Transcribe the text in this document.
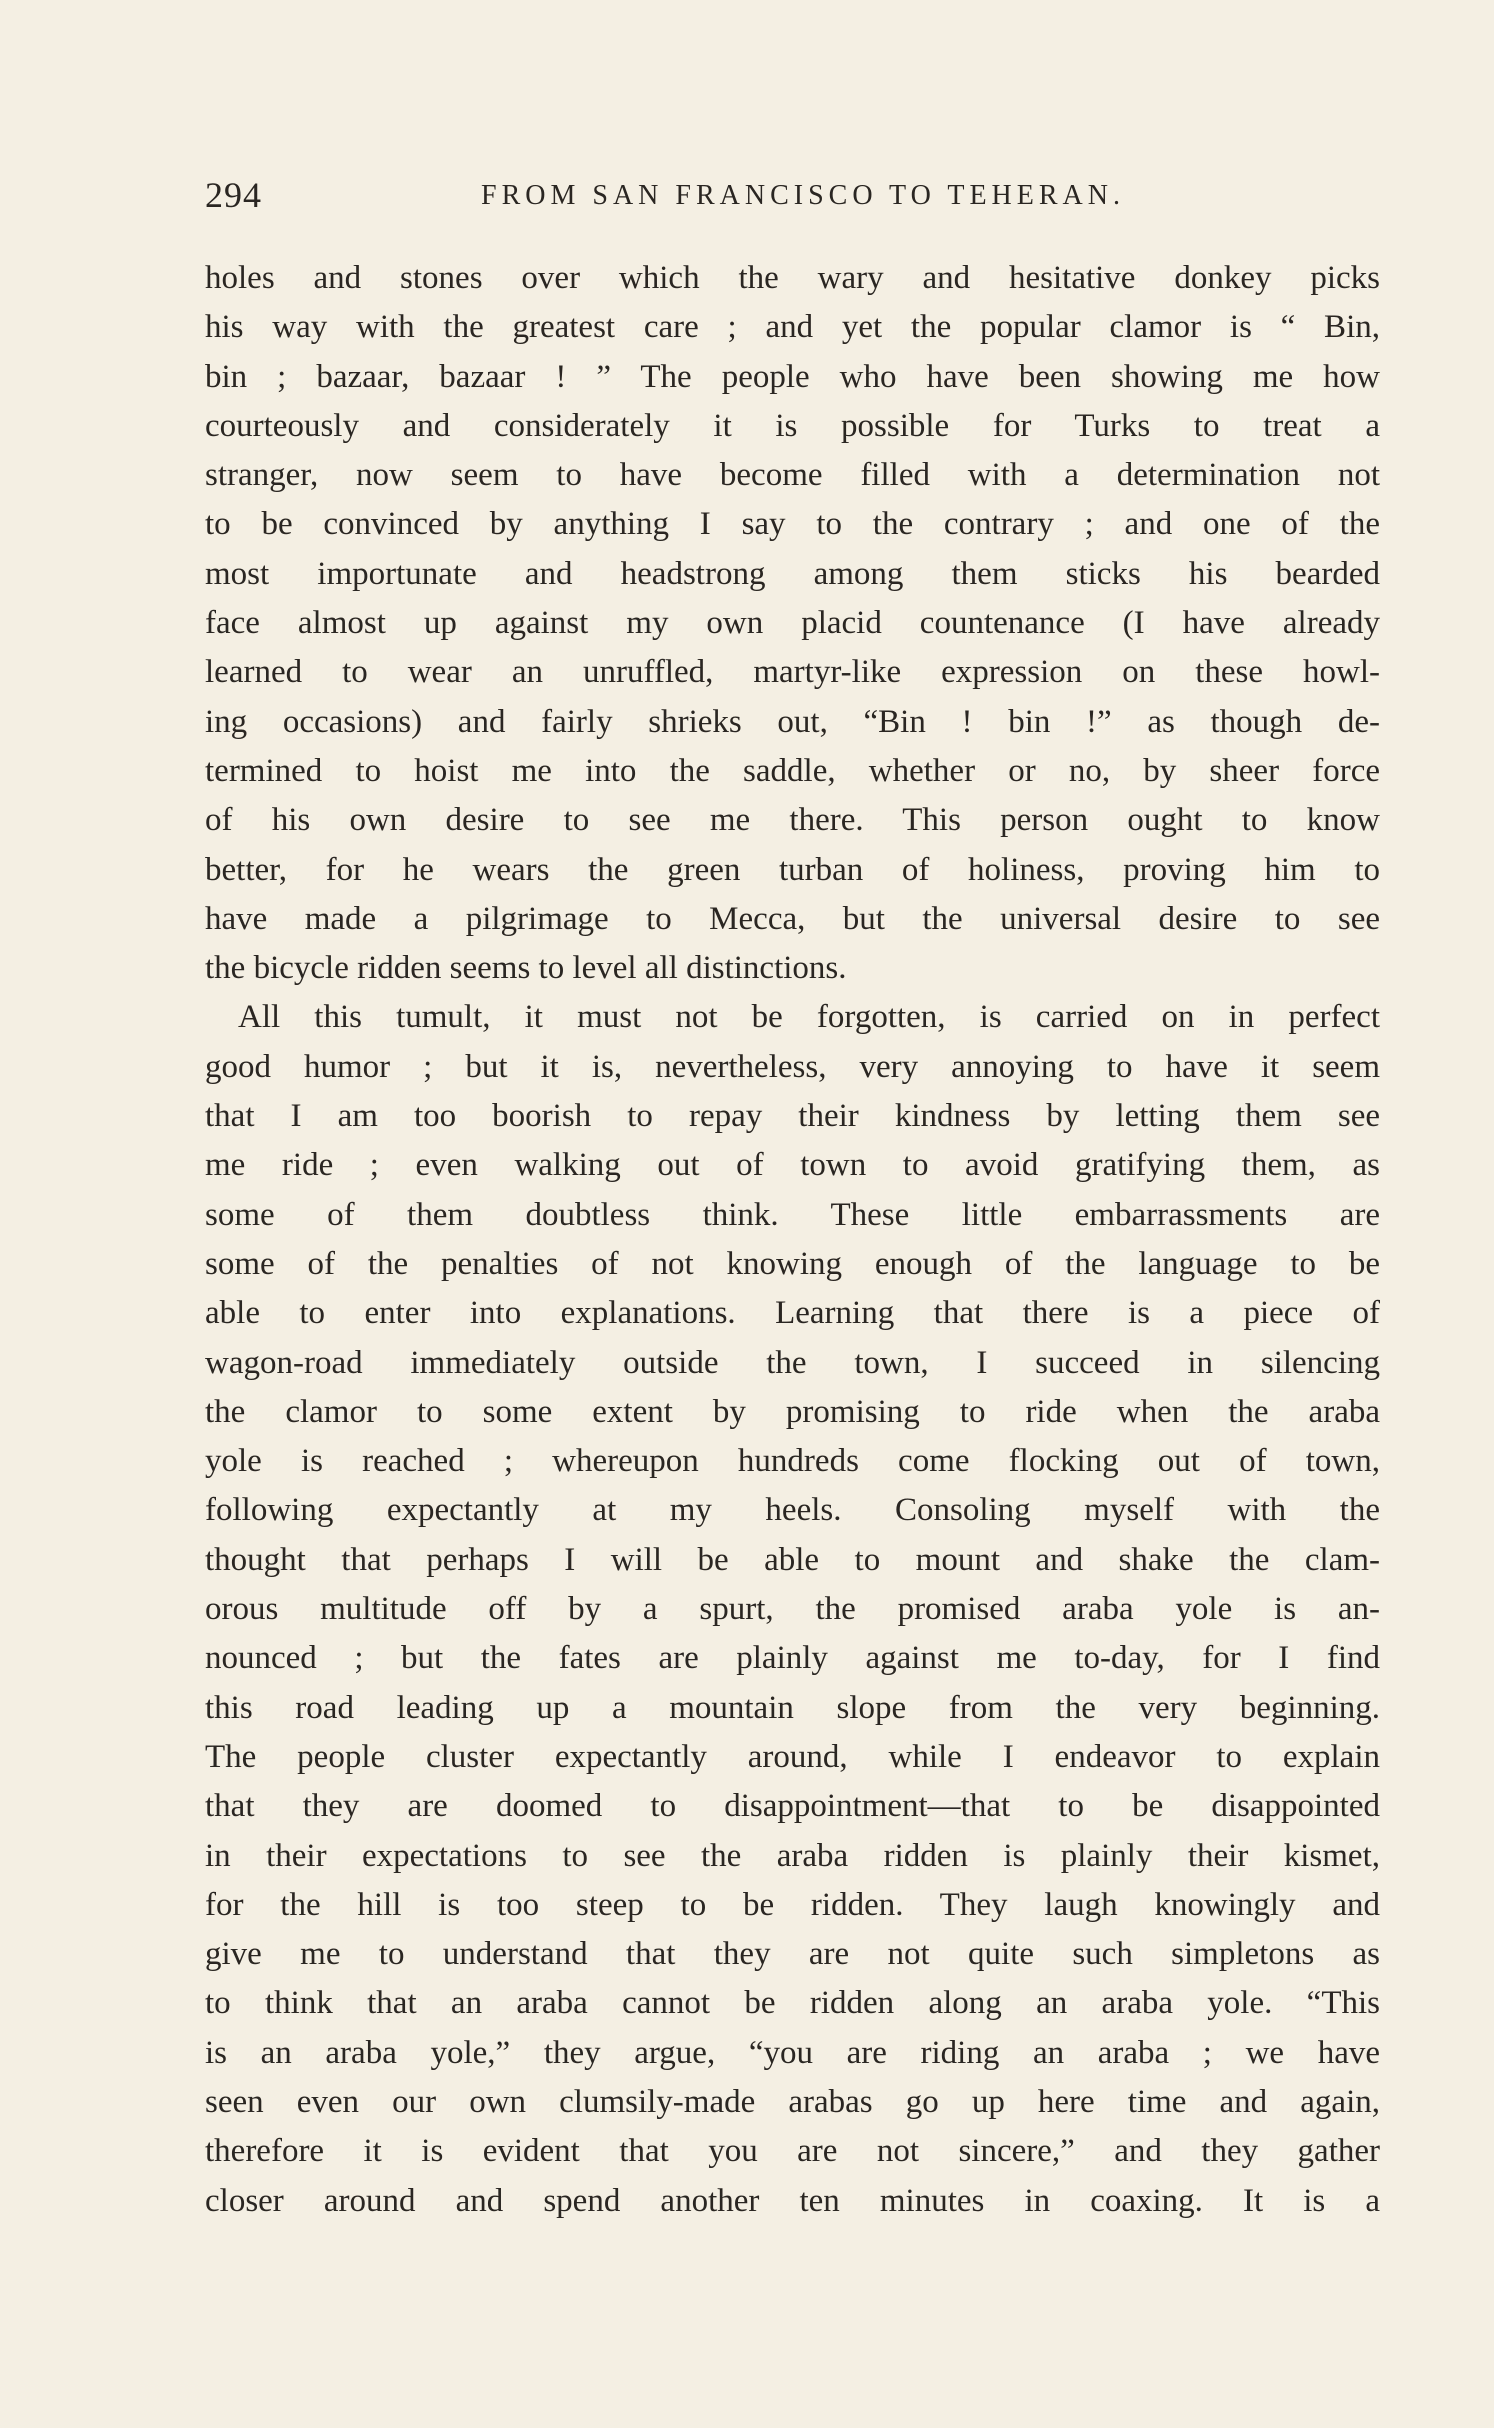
294	FROM SAN FRANCISCO TO TEHERAN.
holes and stones over which the wary and hesitative donkey picks
his way with the greatest care ; and yet the popular clamor is “ Bin,
bin ; bazaar, bazaar ! ” The people who have been showing me how
courteously and considerately it is possible for Turks to treat a
stranger, now seem to have become filled with a determination not
to be convinced by anything I say to the contrary ; and one of the
most importunate and headstrong among them sticks his bearded
face almost up against my own placid countenance (I have already
learned to wear an unruffled, martyr-like expression on these howl-
ing occasions) and fairly shrieks out, “Bin ! bin !” as though de-
termined to hoist me into the saddle, whether or no, by sheer force
of his own desire to see me there. This person ought to know
better, for he wears the green turban of holiness, proving him to
have made a pilgrimage to Mecca, but the universal desire to see
the bicycle ridden seems to level all distinctions.
All this tumult, it must not be forgotten, is carried on in perfect
good humor ; but it is, nevertheless, very annoying to have it seem
that I am too boorish to repay their kindness by letting them see
me ride ; even walking out of town to avoid gratifying them, as
some of them doubtless think. These little embarrassments are
some of the penalties of not knowing enough of the language to be
able to enter into explanations. Learning that there is a piece of
wagon-road immediately outside the town, I succeed in silencing
the clamor to some extent by promising to ride when the araba
yole is reached ; whereupon hundreds come flocking out of town,
following expectantly at my heels. Consoling myself with the
thought that perhaps I will be able to mount and shake the clam-
orous multitude off by a spurt, the promised araba yole is an-
nounced ; but the fates are plainly against me to-day, for I find
this road leading up a mountain slope from the very beginning.
The people cluster expectantly around, while I endeavor to explain
that they are doomed to disappointment—that to be disappointed
in their expectations to see the araba ridden is plainly their kismet,
for the hill is too steep to be ridden. They laugh knowingly and
give me to understand that they are not quite such simpletons as
to think that an araba cannot be ridden along an araba yole. “This
is an araba yole,” they argue, “you are riding an araba ; we have
seen even our own clumsily-made arabas go up here time and again,
therefore it is evident that you are not sincere,” and they gather
closer around and spend another ten minutes in coaxing. It is a
